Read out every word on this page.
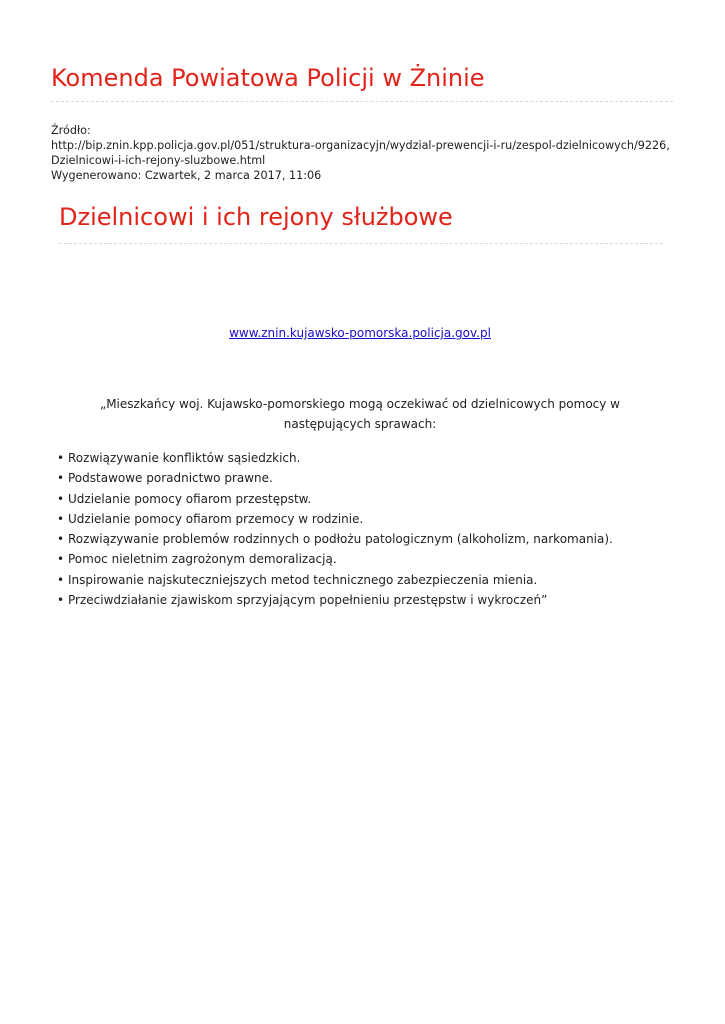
Komenda Powiatowa Policji w Żninie
Źródło:
http://bip.znin.kpp.policja.gov.pl/051/struktura-organizacyjn/wydzial-prewencji-i-ru/zespol-dzielnicowych/9226,Dzielnicowi-i-ich-rejony-sluzbowe.html
Wygenerowano: Czwartek, 2 marca 2017, 11:06
Dzielnicowi i ich rejony służbowe
www.znin.kujawsko-pomorska.policja.gov.pl
„Mieszkańcy woj. Kujawsko-pomorskiego mogą oczekiwać od dzielnicowych pomocy w następujących sprawach:
• Rozwiązywanie konfliktów sąsiedzkich.
• Podstawowe poradnictwo prawne.
• Udzielanie pomocy ofiarom przestępstw.
• Udzielanie pomocy ofiarom przemocy w rodzinie.
• Rozwiązywanie problemów rodzinnych o podłożu patologicznym (alkoholizm, narkomania).
• Pomoc nieletnim zagrożonym demoralizacją.
• Inspirowanie najskuteczniejszych metod technicznego zabezpieczenia mienia.
• Przeciwdziałanie zjawiskom sprzyjającym popełnieniu przestępstw i wykroczeń”
